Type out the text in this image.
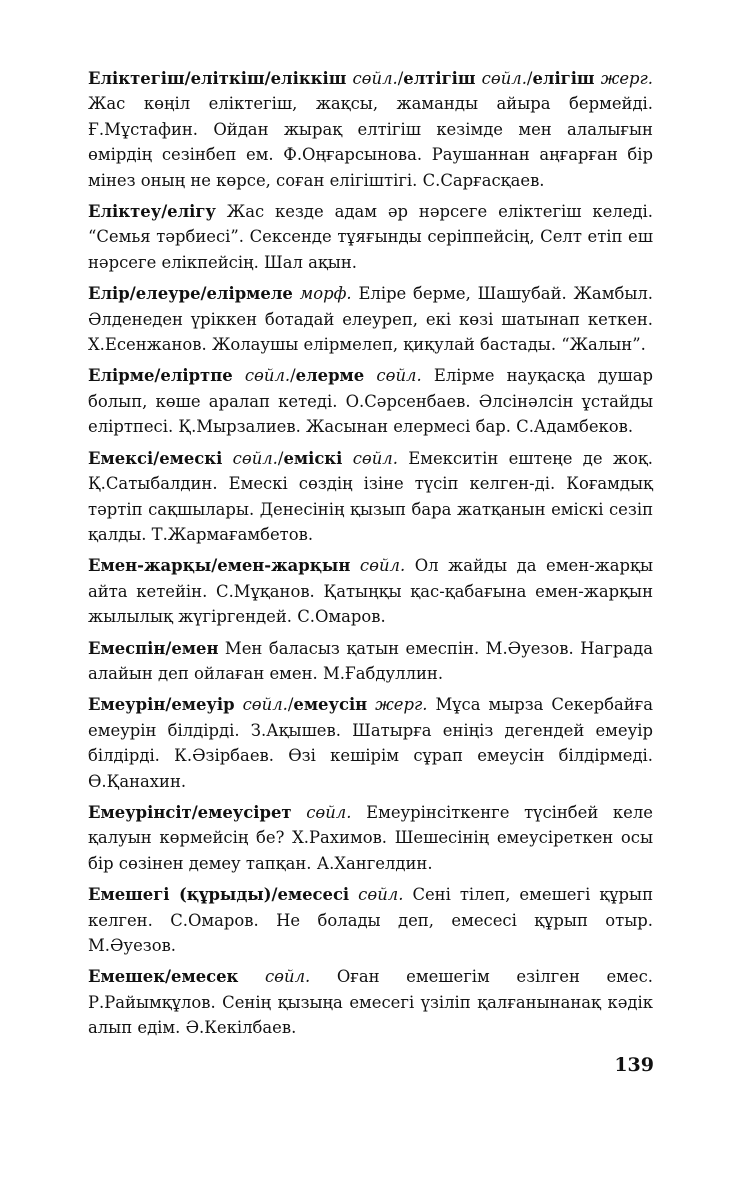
Еліктегіш/еліткіш/еліккіш сөйл./елтігіш сөйл./елігіш жерг. Жас көңіл еліктегіш, жақсы, жаманды айыра бермейді. Ғ.Мұстафин. Ойдан жырақ елтігіш кезімде мен алалығын өмірдің сезінбеп ем. Ф.Оңғарсынова. Раушаннан аңғарған бір мінез оның не көрсе, соған елігіштігі. С.Сарғасқаев.

Еліктеу/елігу Жас кезде адам әр нәрсеге еліктегіш келеді. “Семья тәрбиесі”. Сексенде тұяғынды серіппейсің, Селт етіп еш нәрсеге елікпейсің. Шал ақын.

Елір/елеуре/елірмеле морф. Еліре берме, Шашубай. Жамбыл. Әлденеден үріккен ботадай елеуреп, екі көзі шатынап кеткен. Х.Есенжанов. Жолаушы елірмелеп, қиқулай бастады. “Жалын”.

Елірме/еліртпе сөйл./елерме сөйл. Елірме науқасқа душар болып, көше аралап кетеді. О.Сәрсенбаев. Әлсінәлсін ұстайды еліртпесі. Қ.Мырзалиев. Жасынан елермесі бар. С.Адамбеков.

Емексі/емескі сөйл./еміскі сөйл. Емекситін ештеңе де жоқ. Қ.Сатыбалдин. Емескі сөздің ізіне түсіп келген-ді. Коғамдық тәртіп сақшылары. Денесінің қызып бара жатқанын еміскі сезіп қалды. Т.Жармағамбетов.

Емен-жарқы/емен-жарқын сөйл. Ол жайды да емен-жарқы айта кетейін. С.Мұқанов. Қатыңқы қас-қабағына емен-жарқын жылылық жүгіргендей. С.Омаров.

Емеспін/емен Мен баласыз қатын емеспін. М.Әуезов. Наградa алайын деп ойлаған емен. М.Ғабдуллин.

Емеурін/емеуір сөйл./емеусін жерг. Мұса мырза Секербайға емеурін білдірді. З.Ақышев. Шатырға еніңіз дегендей емеуір білдірді. К.Әзірбаев. Өзі кешірім сұрап емеусін білдірмеді. Ө.Қанахин.

Емеурінсіт/емеусірет сөйл. Емеурінсіткенге түсінбей келе қалуын көрмейсің бе? Х.Рахимов. Шешесінің емеусіреткен осы бір сөзінен демеу тапқан. А.Хангелдин.

Емешегі (құрыды)/емесесі сөйл. Сені тілеп, емешегі құрып келген. С.Омаров. Не болады деп, емесесі құрып отыр. М.Әуезов.

Емешек/емесек сөйл. Оған емешегім езілген емес. Р.Райымқұлов. Сенің қызыңа емесегі үзіліп қалғанынанақ кәдік алып едім. Ә.Кекілбаев.

139
